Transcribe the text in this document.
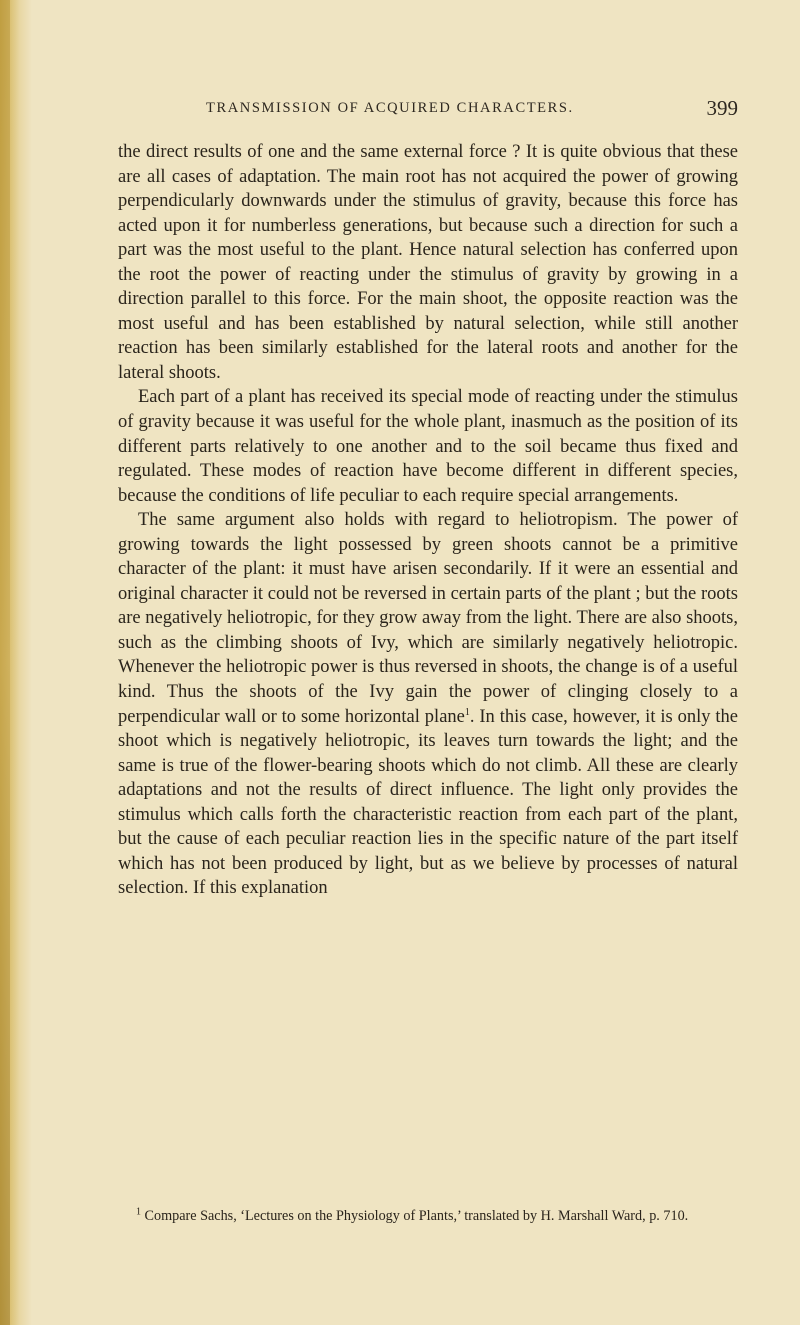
TRANSMISSION OF ACQUIRED CHARACTERS.	399

the direct results of one and the same external force ? It is quite obvious that these are all cases of adaptation. The main root has not acquired the power of growing perpendicularly downwards under the stimulus of gravity, because this force has acted upon it for numberless generations, but because such a direction for such a part was the most useful to the plant. Hence natural selection has conferred upon the root the power of reacting under the stimulus of gravity by growing in a direction parallel to this force. For the main shoot, the opposite reaction was the most useful and has been established by natural selection, while still another reaction has been similarly established for the lateral roots and another for the lateral shoots.

Each part of a plant has received its special mode of reacting under the stimulus of gravity because it was useful for the whole plant, inasmuch as the position of its different parts relatively to one another and to the soil became thus fixed and regulated. These modes of reaction have become different in different species, because the conditions of life peculiar to each require special arrangements.

The same argument also holds with regard to heliotropism. The power of growing towards the light possessed by green shoots cannot be a primitive character of the plant: it must have arisen secondarily. If it were an essential and original character it could not be reversed in certain parts of the plant ; but the roots are negatively heliotropic, for they grow away from the light. There are also shoots, such as the climbing shoots of Ivy, which are similarly negatively heliotropic. Whenever the heliotropic power is thus reversed in shoots, the change is of a useful kind. Thus the shoots of the Ivy gain the power of clinging closely to a perpendicular wall or to some horizontal plane$^1$. In this case, however, it is only the shoot which is negatively heliotropic, its leaves turn towards the light; and the same is true of the flower-bearing shoots which do not climb. All these are clearly adaptations and not the results of direct influence. The light only provides the stimulus which calls forth the characteristic reaction from each part of the plant, but the cause of each peculiar reaction lies in the specific nature of the part itself which has not been produced by light, but as we believe by processes of natural selection. If this explanation

$^1$ Compare Sachs, ‘Lectures on the Physiology of Plants,’ translated by H. Marshall Ward, p. 710.
